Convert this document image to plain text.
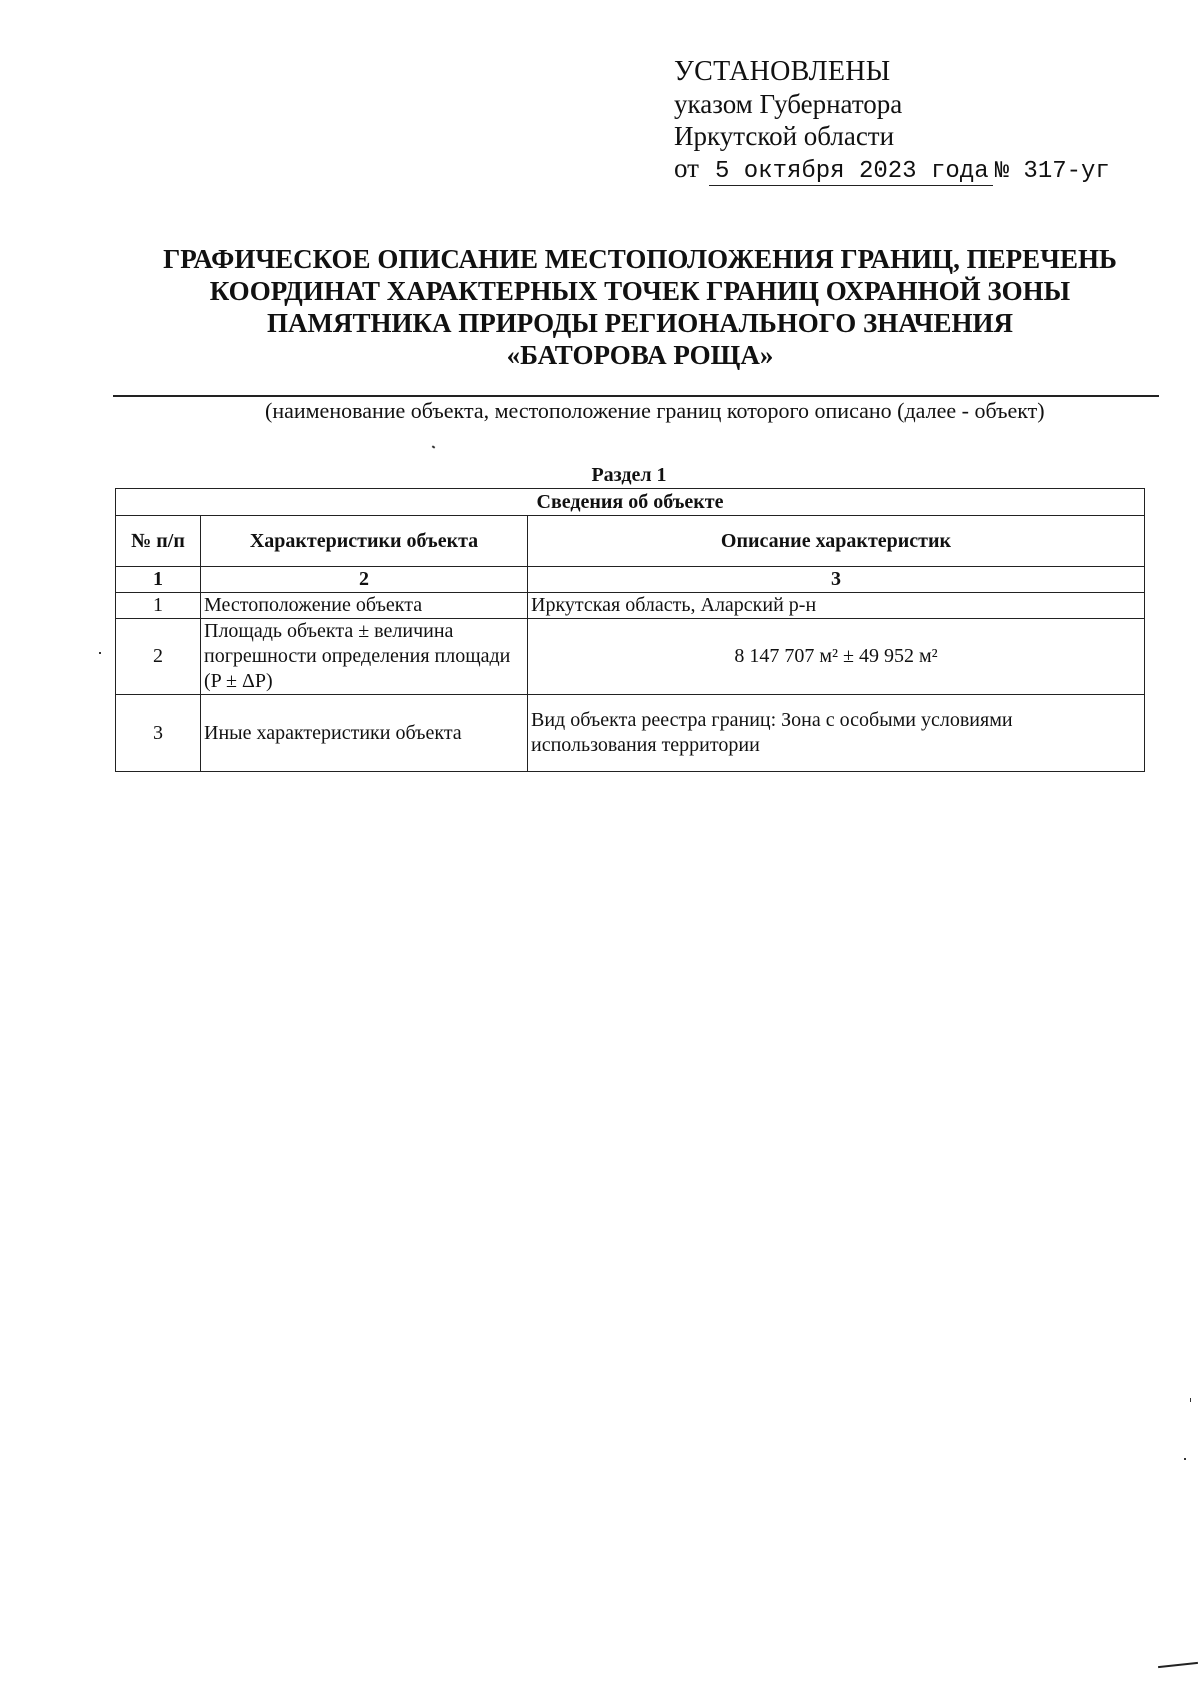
УСТАНОВЛЕНЫ
указом Губернатора
Иркутской области
от 5 октября 2023 года № 317-уг
ГРАФИЧЕСКОЕ ОПИСАНИЕ МЕСТОПОЛОЖЕНИЯ ГРАНИЦ, ПЕРЕЧЕНЬ
КООРДИНАТ ХАРАКТЕРНЫХ ТОЧЕК ГРАНИЦ ОХРАННОЙ ЗОНЫ
ПАМЯТНИКА ПРИРОДЫ РЕГИОНАЛЬНОГО ЗНАЧЕНИЯ
«БАТОРОВА РОЩА»
(наименование объекта, местоположение границ которого описано (далее - объект)
Раздел 1
Сведения об объекте		
№ п/п	Характеристики объекта	Описание характеристик
1	2	3
1	Местоположение объекта	Иркутская область, Аларский р-н
2	Площадь объекта ± величина погрешности определения площади (P ± ΔP)	8 147 707 м² ± 49 952 м²
3	Иные характеристики объекта	Вид объекта реестра границ: Зона с особыми условиями использования территории
